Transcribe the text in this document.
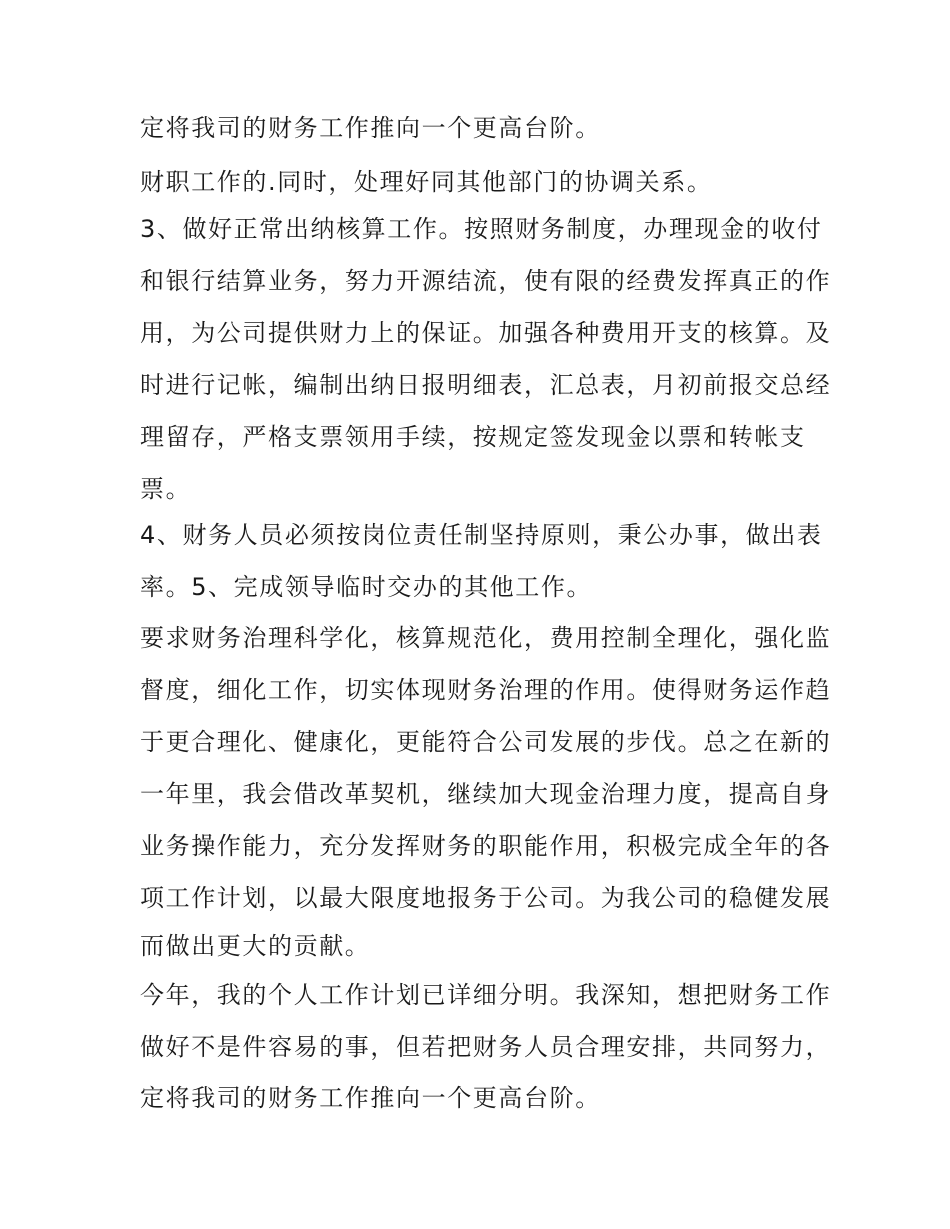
定将我司的财务工作推向一个更高台阶。
财职工作的.同时，处理好同其他部门的协调关系。
3、做好正常出纳核算工作。按照财务制度，办理现金的收付
和银行结算业务，努力开源结流，使有限的经费发挥真正的作
用，为公司提供财力上的保证。加强各种费用开支的核算。及
时进行记帐，编制出纳日报明细表，汇总表，月初前报交总经
理留存，严格支票领用手续，按规定签发现金以票和转帐支
票。
4、财务人员必须按岗位责任制坚持原则，秉公办事，做出表
率。5、完成领导临时交办的其他工作。
要求财务治理科学化，核算规范化，费用控制全理化，强化监
督度，细化工作，切实体现财务治理的作用。使得财务运作趋
于更合理化、健康化，更能符合公司发展的步伐。总之在新的
一年里，我会借改革契机，继续加大现金治理力度，提高自身
业务操作能力，充分发挥财务的职能作用，积极完成全年的各
项工作计划，以最大限度地报务于公司。为我公司的稳健发展
而做出更大的贡献。
今年，我的个人工作计划已详细分明。我深知，想把财务工作
做好不是件容易的事，但若把财务人员合理安排，共同努力，
定将我司的财务工作推向一个更高台阶。
